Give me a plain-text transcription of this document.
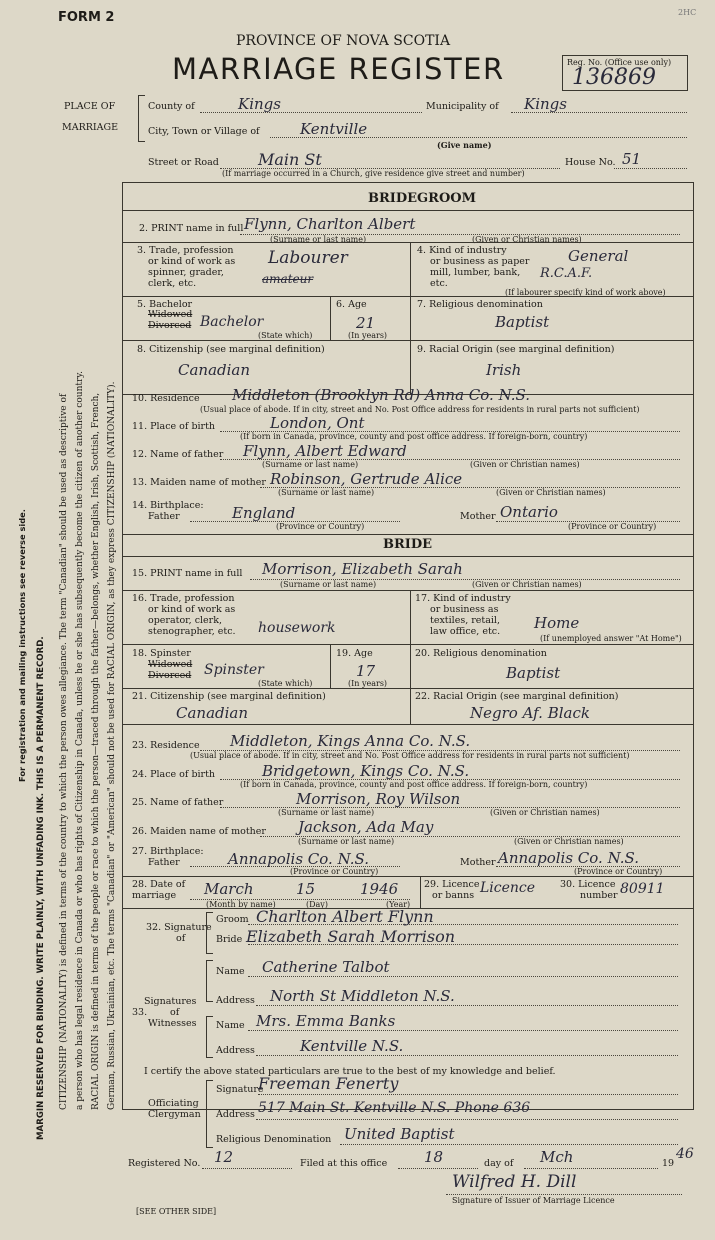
FORM 2	2HC
PROVINCE OF NOVA SCOTIA
MARRIAGE REGISTER	Reg. No. (Office use only)
136869
PLACE OF
MARRIAGE
County of	Kings	Municipality of Kings
City, Town or Village of	Kentville
(Give name)
Street or Road Main St	House No. 51
(If marriage occurred in a Church, give residence give street and number)
MARGIN RESERVED FOR BINDING. WRITE PLAINLY, WITH UNFADING INK. THIS IS A PERMANENT RECORD.
For registration and mailing instructions see reverse side.	CITIZENSHIP (NATIONALITY) is defined in terms of the country to which the person owes allegiance. The term "Canadian" should be used as descriptive of a person who has legal residence in Canada or who has rights of Citizenship in Canada, unless he or she has subsequently become the citizen of another country. RACIAL ORIGIN is defined in terms of the people or race to which the person—traced through the father—belongs, whether English, Irish, Scottish, French, German, Russian, Ukrainian, etc. The terms "Canadian" or "American" should not be used for RACIAL ORIGIN, as they express CITIZENSHIP (NATIONALITY).
BRIDEGROOM
2. PRINT name in full Flynn, Charlton Albert
(Surname or last name)	(Given or Christian names)
3. Trade, profession
or kind of work as
spinner, grader,
clerk, etc.
Labourer
amateur
4. Kind of industry
or business as paper
mill, lumber, bank,
etc.
General
R.C.A.F.
(If labourer specify kind of work above)
5. Bachelor
Widowed
Divorced Bachelor
(State which)
6. Age
21
(In years)
7. Religious denomination
Baptist
8. Citizenship (see marginal definition)
Canadian
9. Racial Origin (see marginal definition)
Irish
10. Residence Middleton (Brooklyn Rd) Anna Co. N.S.
(Usual place of abode. If in city, street and No. Post Office address for residents in rural parts not sufficient)
11. Place of birth	London, Ont
(If born in Canada, province, county and post office address. If foreign-born, country)
12. Name of father Flynn, Albert Edward
(Surname or last name)	(Given or Christian names)
13. Maiden name of mother Robinson, Gertrude Alice
(Surname or last name)	(Given or Christian names)
14. Birthplace:
Father	England
(Province or Country)
Mother Ontario
(Province or Country)
BRIDE
15. PRINT name in full Morrison, Elizabeth Sarah
(Surname or last name)	(Given or Christian names)
16. Trade, profession
or kind of work as
operator, clerk,
stenographer, etc. housework
17. Kind of industry
or business as
textiles, retail,
law office, etc. Home
(If unemployed answer "At Home")
18. Spinster
Widowed
Divorced Spinster
(State which)
19. Age
17
(In years)
20. Religious denomination
Baptist
21. Citizenship (see marginal definition)
Canadian
22. Racial Origin (see marginal definition)
Negro Af. Black
23. Residence Middleton, Kings Anna Co. N.S.
(Usual place of abode. If in city, street and No. Post Office address for residents in rural parts not sufficient)
24. Place of birth	Bridgetown, Kings Co. N.S.
(If born in Canada, province, county and post office address. If foreign-born, country)
25. Name of father	Morrison, Roy Wilson
(Surname or last name)	(Given or Christian names)
26. Maiden name of mother Jackson, Ada May
(Surname or last name)	(Given or Christian names)
27. Birthplace:
Father	Annapolis Co. N.S.
(Province or Country)
Mother Annapolis Co. N.S.
(Province or Country)
28. Date of
marriage March	15	1946
(Month by name)	(Day)	(Year)
29. Licence
or banns Licence	30. Licence
number 80911
32. Signature
of
Groom Charlton Albert Flynn
Bride Elizabeth Sarah Morrison
Signatures
of
Witnesses
33.
Name Catherine Talbot
Address North St Middleton N.S.
Name Mrs. Emma Banks
Address	Kentville N.S.
I certify the above stated particulars are true to the best of my knowledge and belief.
Officiating
Clergyman
Signature
Freeman Fenerty
Address 517 Main St. Kentville N.S. Phone 636
Religious Denomination United Baptist
Registered No. 12	Filed at this office 18	day of Mch	19
46
Wilfred H. Dill
Signature of Issuer of Marriage Licence
[SEE OTHER SIDE]
